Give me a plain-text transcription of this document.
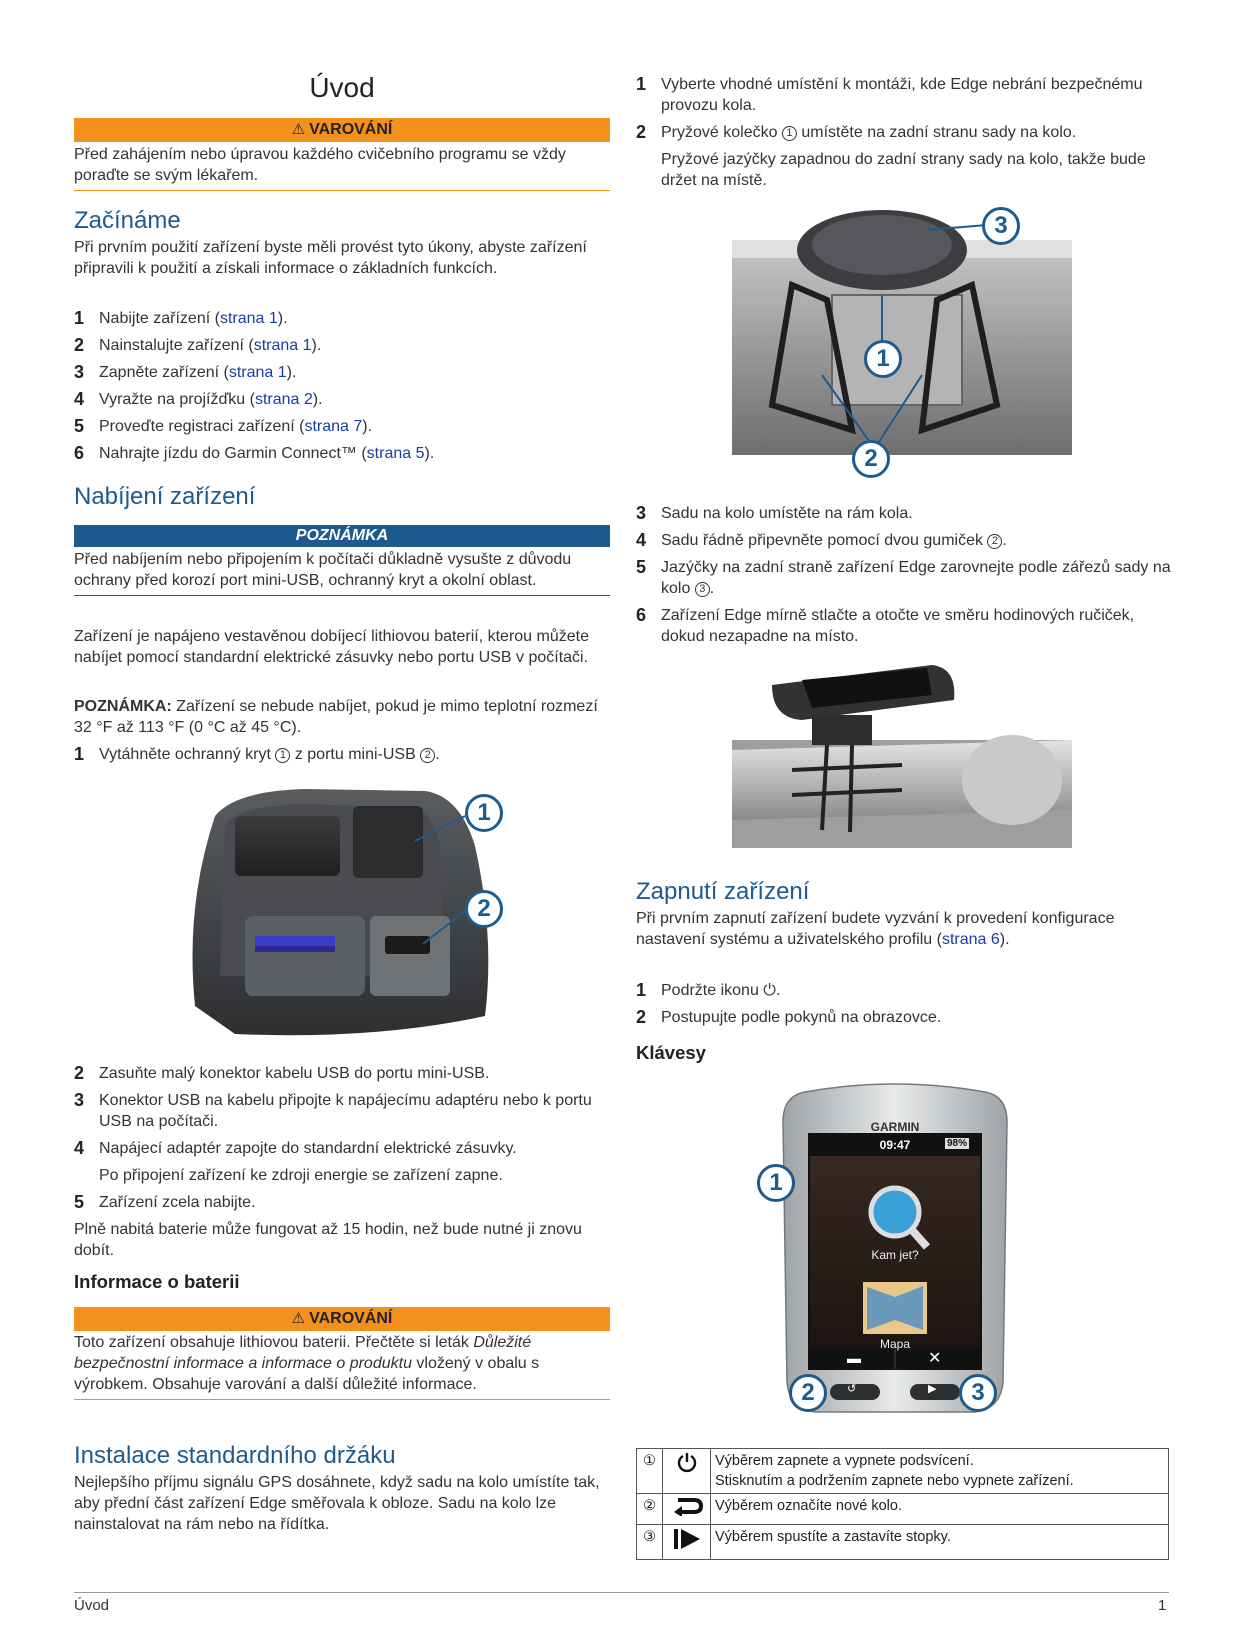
Úvod
⚠ VAROVÁNÍ

Před zahájením nebo úpravou každého cvičebního programu se vždy poraďte se svým lékařem.

Začínáme

Při prvním použití zařízení byste měli provést tyto úkony, abyste zařízení připravili k použití a získali informace o základních funkcích.

1 Nabijte zařízení (strana 1).
2 Nainstalujte zařízení (strana 1).
3 Zapněte zařízení (strana 1).
4 Vyražte na projížďku (strana 2).
5 Proveďte registraci zařízení (strana 7).
6 Nahrajte jízdu do Garmin Connect™ (strana 5).
Nabíjení zařízení
POZNÁMKA

Před nabíjením nebo připojením k počítači důkladně vysušte z důvodu ochrany před korozí port mini-USB, ochranný kryt a okolní oblast.

Zařízení je napájeno vestavěnou dobíjecí lithiovou baterií, kterou můžete nabíjet pomocí standardní elektrické zásuvky nebo portu USB v počítači.

POZNÁMKA: Zařízení se nebude nabíjet, pokud je mimo teplotní rozmezí 32 °F až 113 °F (0 °C až 45 °C).

1 Vytáhněte ochranný kryt 1 z portu mini-USB 2 .
1
2
2 Zasuňte malý konektor kabelu USB do portu mini-USB.
3 Konektor USB na kabelu připojte k napájecímu adaptéru nebo k portu USB na počítači.
4 Napájecí adaptér zapojte do standardní elektrické zásuvky.

Po připojení zařízení ke zdroji energie se zařízení zapne.

5 Zařízení zcela nabijte.

Plně nabitá baterie může fungovat až 15 hodin, než bude nutné ji znovu dobít.

Informace o baterii
⚠ VAROVÁNÍ

Toto zařízení obsahuje lithiovou baterii. Přečtěte si leták Důležité bezpečnostní informace a informace o produktu vložený v obalu s výrobkem. Obsahuje varování a další důležité informace.

Instalace standardního držáku

Nejlepšího příjmu signálu GPS dosáhnete, když sadu na kolo umístíte tak, aby přední část zařízení Edge směřovala k obloze. Sadu na kolo lze nainstalovat na rám nebo na řídítka.

1 Vyberte vhodné umístění k montáži, kde Edge nebrání bezpečnému provozu kola.
2 Pryžové kolečko 1 umístěte na zadní stranu sady na kolo.

Pryžové jazýčky zapadnou do zadní strany sady na kolo, takže bude držet na místě.

3
1
2
3 Sadu na kolo umístěte na rám kola.
4 Sadu řádně připevněte pomocí dvou gumiček 2 .
5 Jazýčky na zadní straně zařízení Edge zarovnejte podle zářezů sady na kolo 3 .
6 Zařízení Edge mírně stlačte a otočte ve směru hodinových ručiček, dokud nezapadne na místo.
Zapnutí zařízení

Při prvním zapnutí zařízení budete vyzvání k provedení konfigurace nastavení systému a uživatelského profilu (strana 6).

1 Podržte ikonu ⏻.
2 Postupujte podle pokynů na obrazovce.
Klávesy
GARMIN
09:47	98%
Kam jet?
Mapa
▬	✕
↺	▶
1
2	3
①		Výběrem zapnete a vypnete podsvícení.
Stisknutím a podržením zapnete nebo vypnete zařízení.

②		Výběrem označíte nové kolo.
③		Výběrem spustíte a zastavíte stopky.
Úvod	1
